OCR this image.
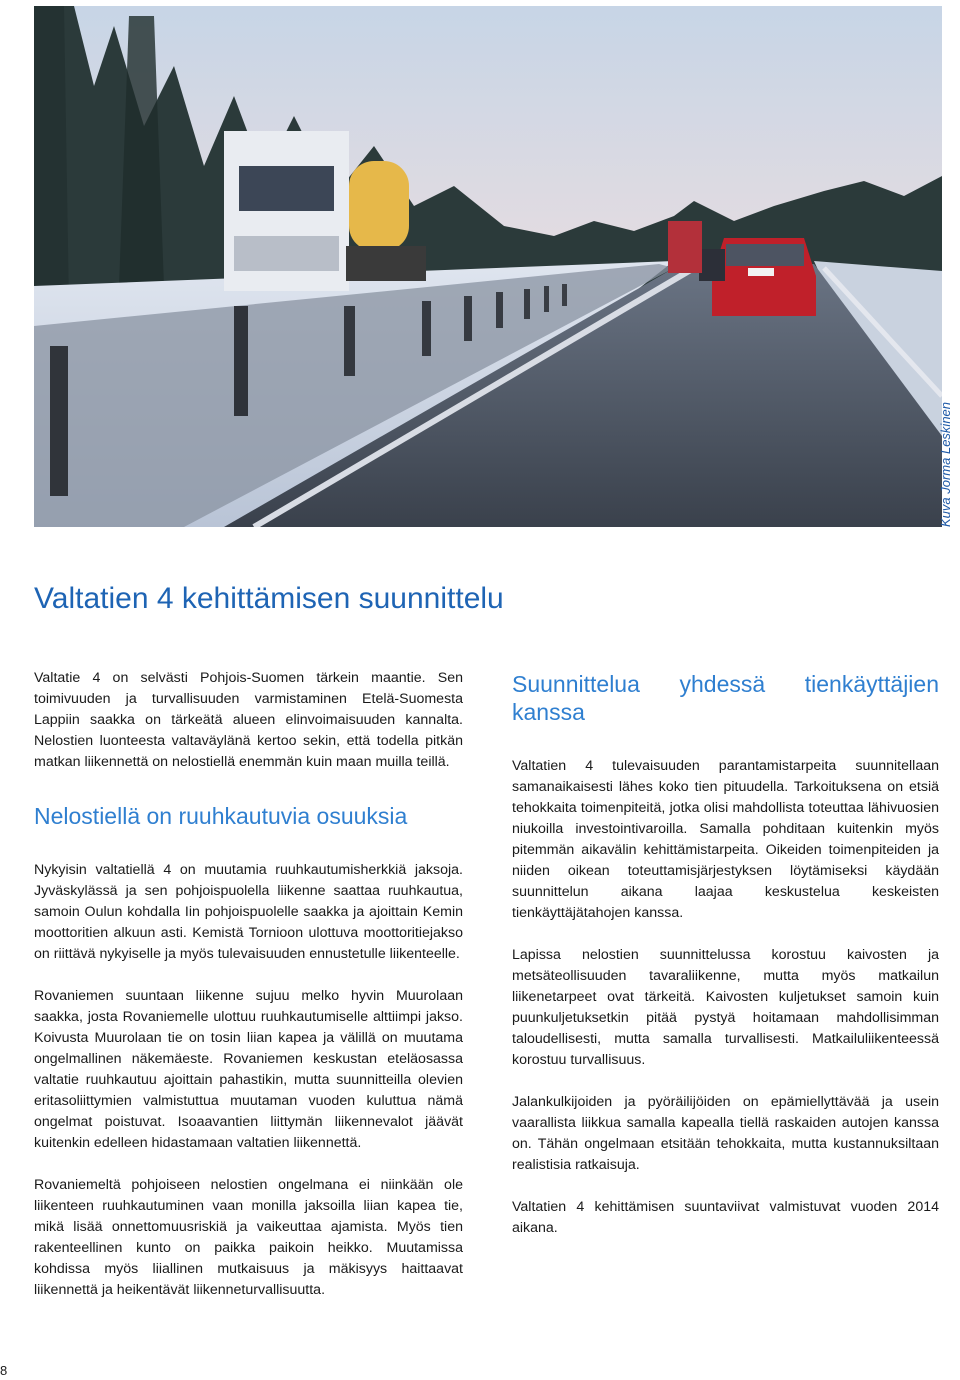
Kuva Jorma Leskinen
Valtatien 4 kehittämisen suunnittelu

Valtatie 4 on selvästi Pohjois-Suomen tärkein maantie. Sen toimivuuden ja turvallisuuden varmistaminen Etelä-Suomesta Lappiin saakka on tärkeätä alueen elinvoimaisuuden kannalta. Nelostien luonteesta valtaväylänä kertoo sekin, että todella pitkän matkan liikennettä on nelostiellä enemmän kuin maan muilla teillä.

Nelostiellä on ruuhkautuvia osuuksia

Nykyisin valtatiellä 4 on muutamia ruuhkautumisherkkiä jaksoja. Jyväskylässä ja sen pohjoispuolella liikenne saattaa ruuhkautua, samoin Oulun kohdalla Iin pohjoispuolelle saakka ja ajoittain Kemin moottoritien alkuun asti. Kemistä Tornioon ulottuva moottoritiejakso on riittävä nykyiselle ja myös tulevaisuuden ennustetulle liikenteelle.

Rovaniemen suuntaan liikenne sujuu melko hyvin Muurolaan saakka, josta Rovaniemelle ulottuu ruuhkautumiselle alttiimpi jakso. Koivusta Muurolaan tie on tosin liian kapea ja välillä on muutama ongelmallinen näkemäeste. Rovaniemen keskustan eteläosassa valtatie ruuhkautuu ajoittain pahastikin, mutta suunnitteilla olevien eritasoliittymien valmistuttua muutaman vuoden kuluttua nämä ongelmat poistuvat. Isoaavantien liittymän liikennevalot jäävät kuitenkin edelleen hidastamaan valtatien liikennettä.

Rovaniemeltä pohjoiseen nelostien ongelmana ei niinkään ole liikenteen ruuhkautuminen vaan monilla jaksoilla liian kapea tie, mikä lisää onnettomuusriskiä ja vaikeuttaa ajamista. Myös tien rakenteellinen kunto on paikka paikoin heikko. Muutamissa kohdissa myös liiallinen mutkaisuus ja mäkisyys haittaavat liikennettä ja heikentävät liikenneturvallisuutta.

Suunnittelua yhdessä tienkäyttäjien
kanssa

Valtatien 4 tulevaisuuden parantamistarpeita suunnitellaan samanaikaisesti lähes koko tien pituudella. Tarkoituksena on etsiä tehokkaita toimenpiteitä, jotka olisi mahdollista toteuttaa lähivuosien niukoilla investointivaroilla. Samalla pohditaan kuitenkin myös pitemmän aikavälin kehittämistarpeita. Oikeiden toimenpiteiden ja niiden oikean toteuttamisjärjestyksen löytämiseksi käydään suunnittelun aikana laajaa keskustelua keskeisten tienkäyttäjätahojen kanssa.

Lapissa nelostien suunnittelussa korostuu kaivosten ja metsäteollisuuden tavaraliikenne, mutta myös matkailun liikenetarpeet ovat tärkeitä. Kaivosten kuljetukset samoin kuin puunkuljetuksetkin pitää pystyä hoitamaan mahdollisimman taloudellisesti, mutta samalla turvallisesti. Matkailuliikenteessä korostuu turvallisuus.

Jalankulkijoiden ja pyöräilijöiden on epämiellyttävää ja usein vaarallista liikkua samalla kapealla tiellä raskaiden autojen kanssa on. Tähän ongelmaan etsitään tehokkaita, mutta kustannuksiltaan realistisia ratkaisuja.

Valtatien 4 kehittämisen suuntaviivat valmistuvat vuoden 2014 aikana.

8
